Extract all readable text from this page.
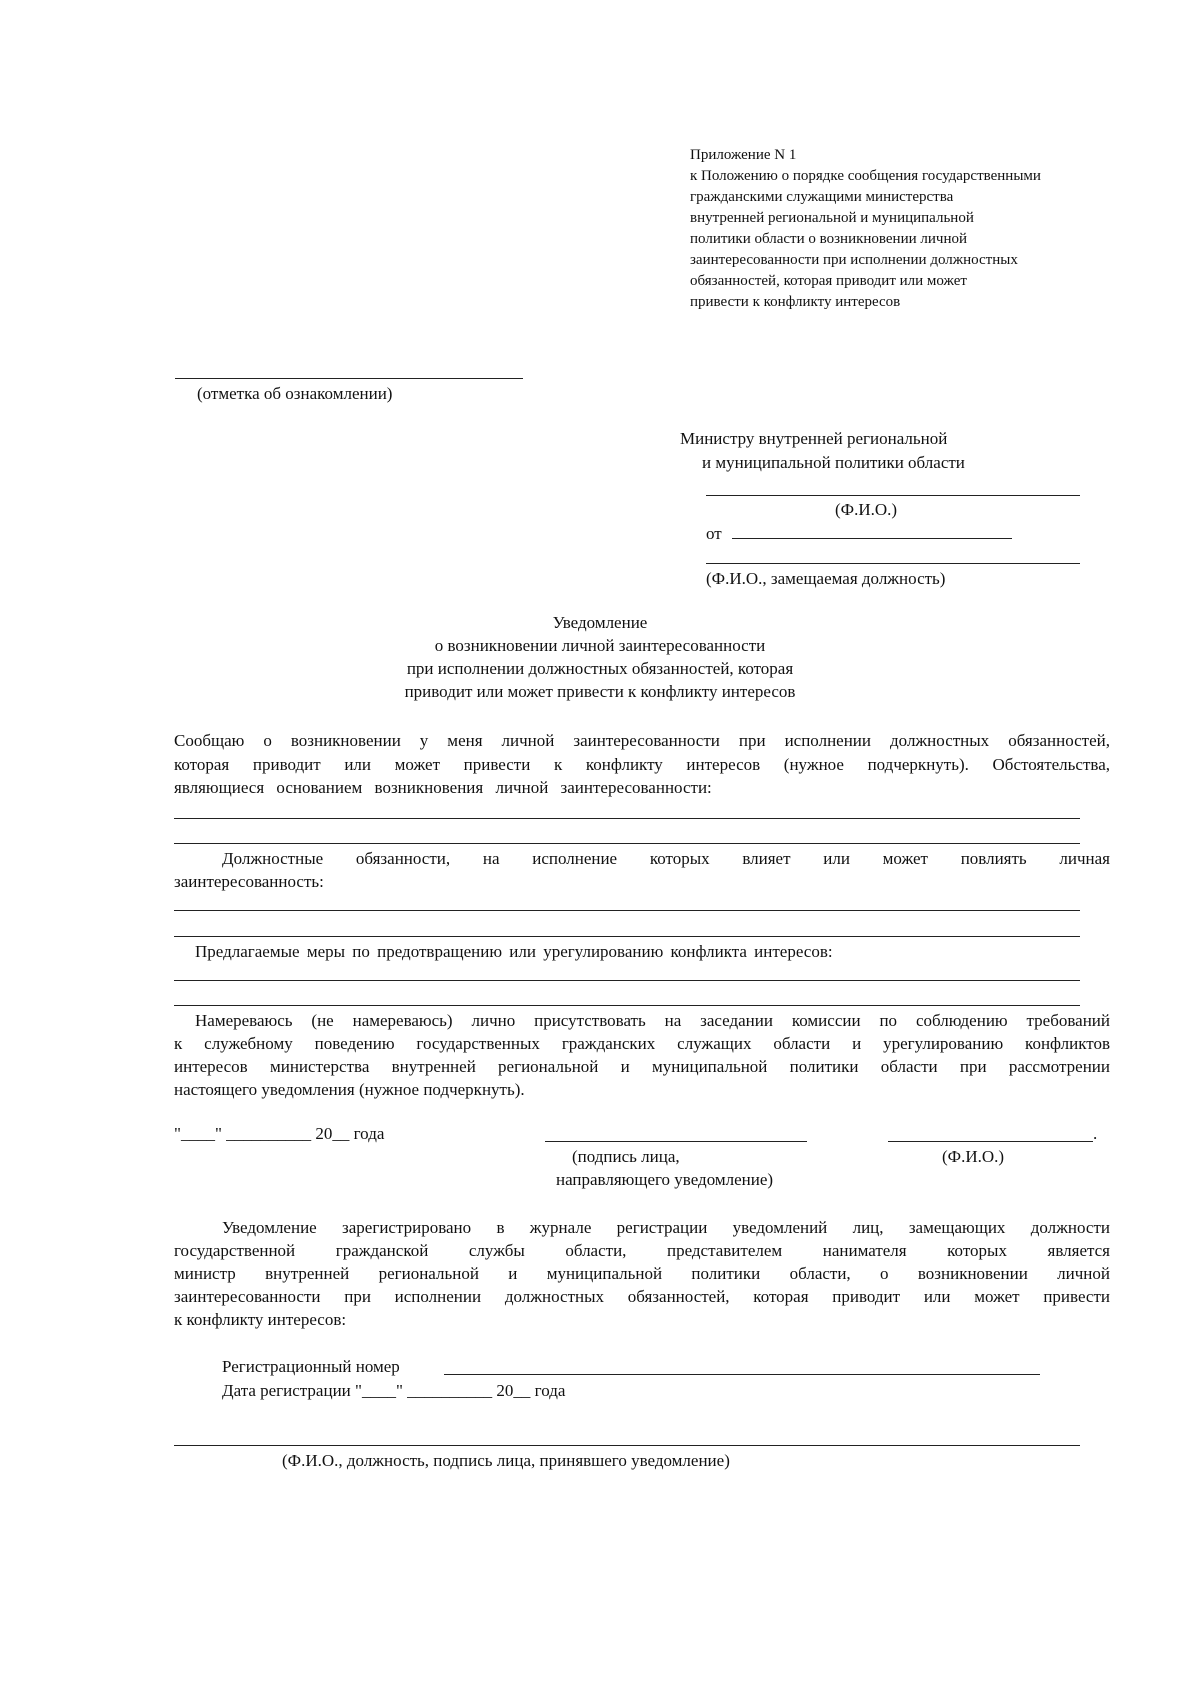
Приложение N 1
к Положению о порядке сообщения государственными
гражданскими служащими министерства
внутренней региональной и муниципальной
политики области о возникновении личной
заинтересованности при исполнении должностных
обязанностей, которая приводит или может
привести к конфликту интересов
(отметка об ознакомлении)
Министру внутренней региональной
и муниципальной политики области
(Ф.И.О.)
от
(Ф.И.О., замещаемая должность)
Уведомление
о возникновении личной заинтересованности
при исполнении должностных обязанностей, которая
приводит или может привести к конфликту интересов
Сообщаю о возникновении у меня личной заинтересованности при исполнении должностных обязанностей,
которая приводит или может привести к конфликту интересов (нужное подчеркнуть). Обстоятельства,
являющиеся основанием возникновения личной заинтересованности:
Должностные обязанности, на исполнение которых влияет или может повлиять личная
заинтересованность:
Предлагаемые меры по предотвращению или урегулированию конфликта интересов:
Намереваюсь (не намереваюсь) лично присутствовать на заседании комиссии по соблюдению требований
к служебному поведению государственных гражданских служащих области и урегулированию конфликтов
интересов министерства внутренней региональной и муниципальной политики области при рассмотрении
настоящего уведомления (нужное подчеркнуть).
"____" __________ 20__ года	.
(подпись лица,
направляющего уведомление)
(Ф.И.О.)
Уведомление зарегистрировано в журнале регистрации уведомлений лиц, замещающих должности
государственной гражданской службы области, представителем нанимателя которых является
министр внутренней региональной и муниципальной политики области, о возникновении личной
заинтересованности при исполнении должностных обязанностей, которая приводит или может привести
к конфликту интересов:
Регистрационный номер
Дата регистрации "____" __________ 20__ года
(Ф.И.О., должность, подпись лица, принявшего уведомление)
